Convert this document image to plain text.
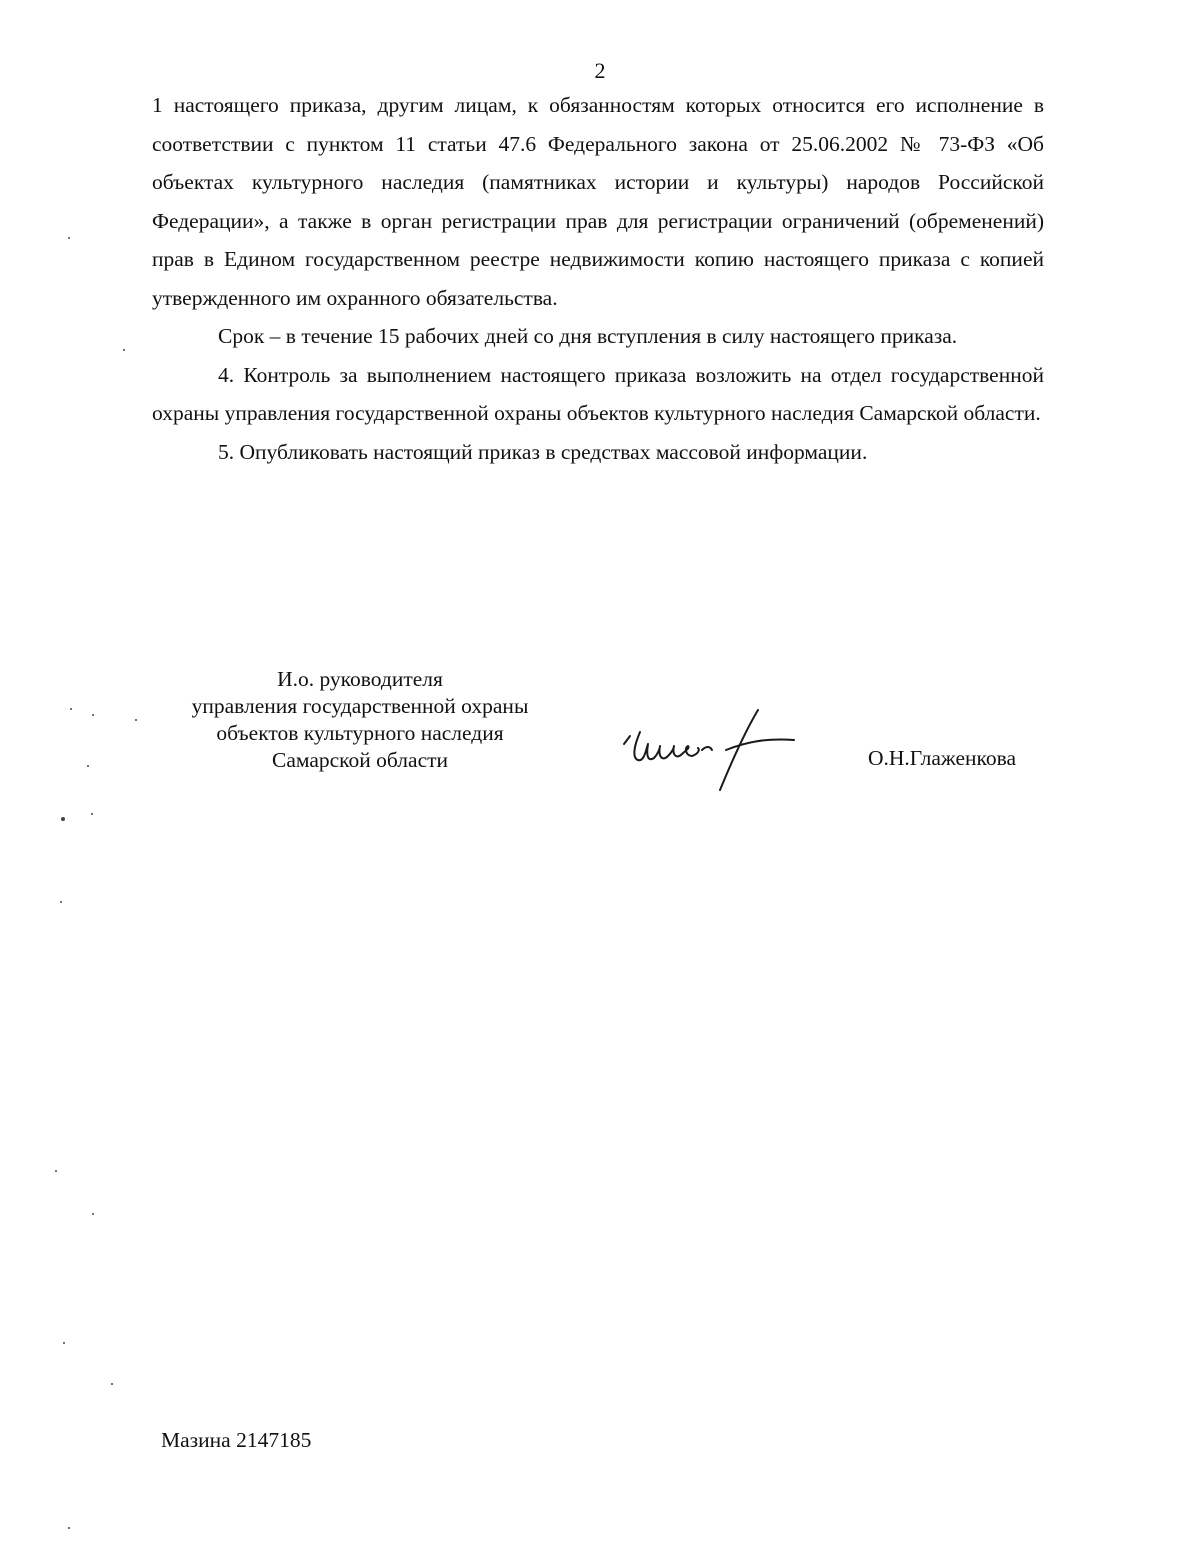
2

1 настоящего приказа, другим лицам, к обязанностям которых относится его исполнение в соответствии с пунктом 11 статьи 47.6 Федерального закона от 25.06.2002 № 73-ФЗ «Об объектах культурного наследия (памятниках истории и культуры) народов Российской Федерации», а также в орган регистрации прав для регистрации ограничений (обременений) прав в Едином государственном реестре недвижимости копию настоящего приказа с копией утвержденного им охранного обязательства.

Срок – в течение 15 рабочих дней со дня вступления в силу настоящего приказа.

4. Контроль за выполнением настоящего приказа возложить на отдел государственной охраны управления государственной охраны объектов культурного наследия Самарской области.

5. Опубликовать настоящий приказ в средствах массовой информации.

И.о. руководителя
управления государственной охраны
объектов культурного наследия
Самарской области	О.Н.Глаженкова
Мазина 2147185
